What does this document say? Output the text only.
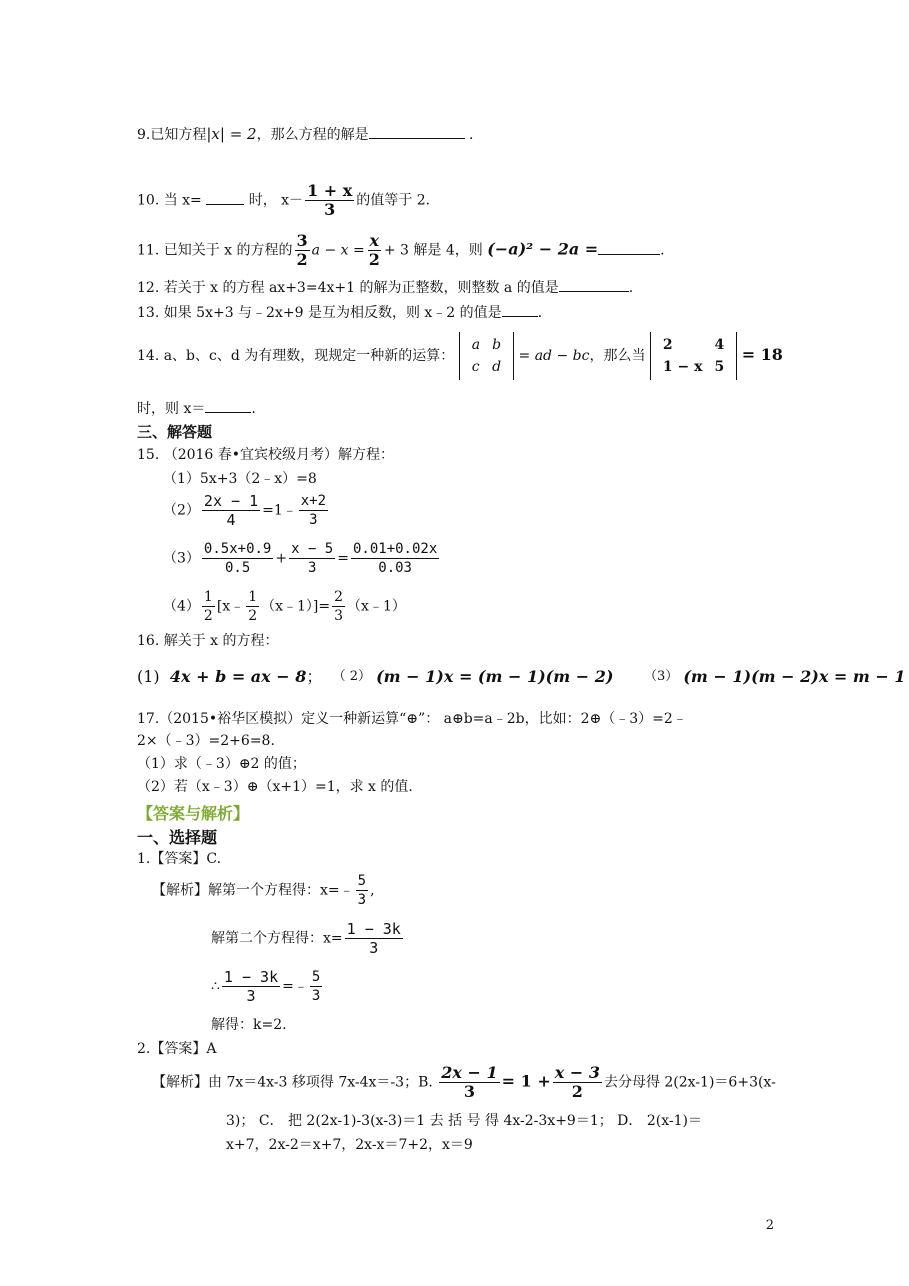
9.已知方程|x| = 2，那么方程的解是	.
10. 当 x=	时， $x- \frac{1 + x}{3}$ 的值等于 2.
11. 已知关于 x 的方程的 $\frac{3}{2}$ $a - x = \frac{x}{2} + 3$ 解是 4，则 (−a)² − 2a =	.
12. 若关于 x 的方程 ax+3=4x+1 的解为正整数，则整数 a 的值是	.
13. 如果 5x+3 与﹣2x+9 是互为相反数，则 x﹣2 的值是	.
14. a、b、c、d 为有理数，现规定一种新的运算：
a	b
c	d
= ad − bc，那么当
2	4
1 − x	5
= 18
时，则 x＝	.
三、解答题
15. （2016 春•宜宾校级月考）解方程：
（1）5x+3（2﹣x）=8
$(2) \frac{2x - 1}{4}$ =1﹣ $\frac{x+2}{3}$
$(3) \frac{0.5x+0.9}{0.5} + \frac{x - 5}{3} = \frac{0.01+0.02x}{0.03}$
$(4) \frac{1}{2}$ [x﹣ $\frac{1}{2}$ （x﹣1）]= $\frac{2}{3}$ （x﹣1）
16. 解关于 x 的方程：
(1) 4x + b = ax − 8； $^{( 2)}$ (m − 1)x = (m − 1)(m − 2) $^{(3)}$ (m − 1)(m − 2)x = m − 1
17.（2015•裕华区模拟）定义一种新运算“⊕”： a⊕b=a﹣2b，比如：2⊕（﹣3）=2﹣
2×（﹣3）=2+6=8.
（1）求（﹣3）⊕2 的值；
（2）若（x﹣3）⊕（x+1）=1，求 x 的值.
【答案与解析】
一、选择题
1.【答案】C.
【解析】解第一个方程得：x=﹣ $\frac{5}{3}$ ,
解第二个方程得：$x= \frac{1 - 3k}{3}$
∴ $\frac{1 - 3k}{3}$ =﹣ $\frac{5}{3}$
解得：k=2.
2.【答案】A
【解析】由 7x＝4x-3 移项得 7x-4x＝-3；B. $\frac{2x - 1}{3} = 1 + \frac{x - 3}{2}$ 去分母得 2(2x-1)＝6+3(x-
3)； C． 把 2(2x-1)-3(x-3)＝1 去 括 号 得 4x-2-3x+9＝1； D． 2(x-1)＝
x+7，2x-2＝x+7，2x-x＝7+2，x＝9
2
